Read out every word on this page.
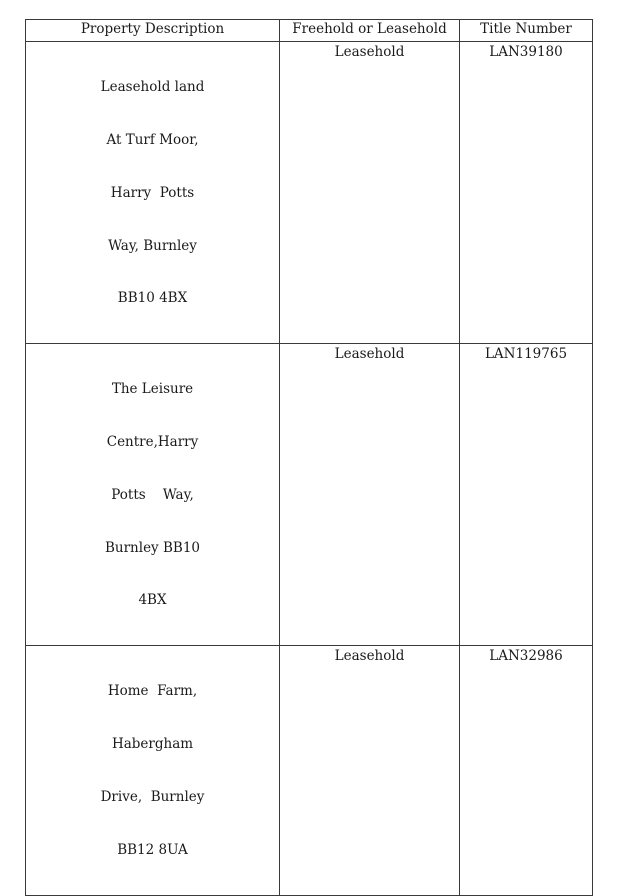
Property Description	Freehold or Leasehold	Title Number

Leasehold land

At Turf Moor,

Harry  Potts

Way, Burnley

BB10 4BX	Leasehold	LAN39180

The Leisure

Centre,Harry

Potts    Way,

Burnley BB10

4BX	Leasehold	LAN119765

Home  Farm,

Habergham

Drive,  Burnley

BB12 8UA	Leasehold	LAN32986
